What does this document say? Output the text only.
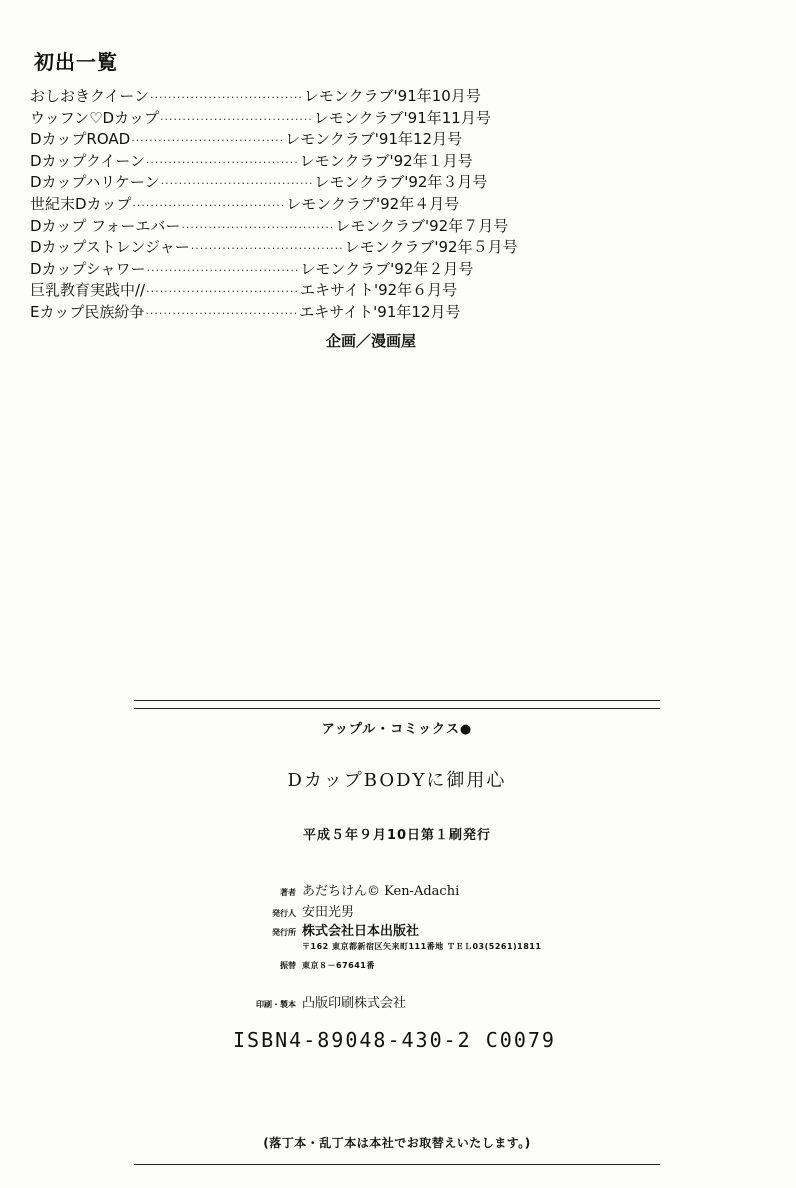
初出一覧
おしおきクイーン ·································· レモンクラブ'91年10月号
ウッフン♡Dカップ ·································· レモンクラブ'91年11月号
DカップROAD ·································· レモンクラブ'91年12月号
Dカップクイーン ·································· レモンクラブ'92年１月号
Dカップハリケーン ·································· レモンクラブ'92年３月号
世紀末Dカップ ·································· レモンクラブ'92年４月号
Dカップ フォーエバー ·································· レモンクラブ'92年７月号
Dカップストレンジャー ·································· レモンクラブ'92年５月号
Dカップシャワー ·································· レモンクラブ'92年２月号
巨乳教育実践中// ·································· エキサイト'92年６月号
Eカップ民族紛争 ·································· エキサイト'91年12月号
企画／漫画屋
アップル・コミックス●
DカップBODYに御用心
平成５年９月10日第１刷発行
著者 あだちけん© Ken-Adachi
発行人 安田光男
発行所 株式会社日本出版社
〒162 東京都新宿区矢来町111番地 ＴＥＬ03(5261)1811
振替 東京８－67641番
印刷・製本 凸版印刷株式会社
ISBN4-89048-430-2 C0079
(落丁本・乱丁本は本社でお取替えいたします。)
